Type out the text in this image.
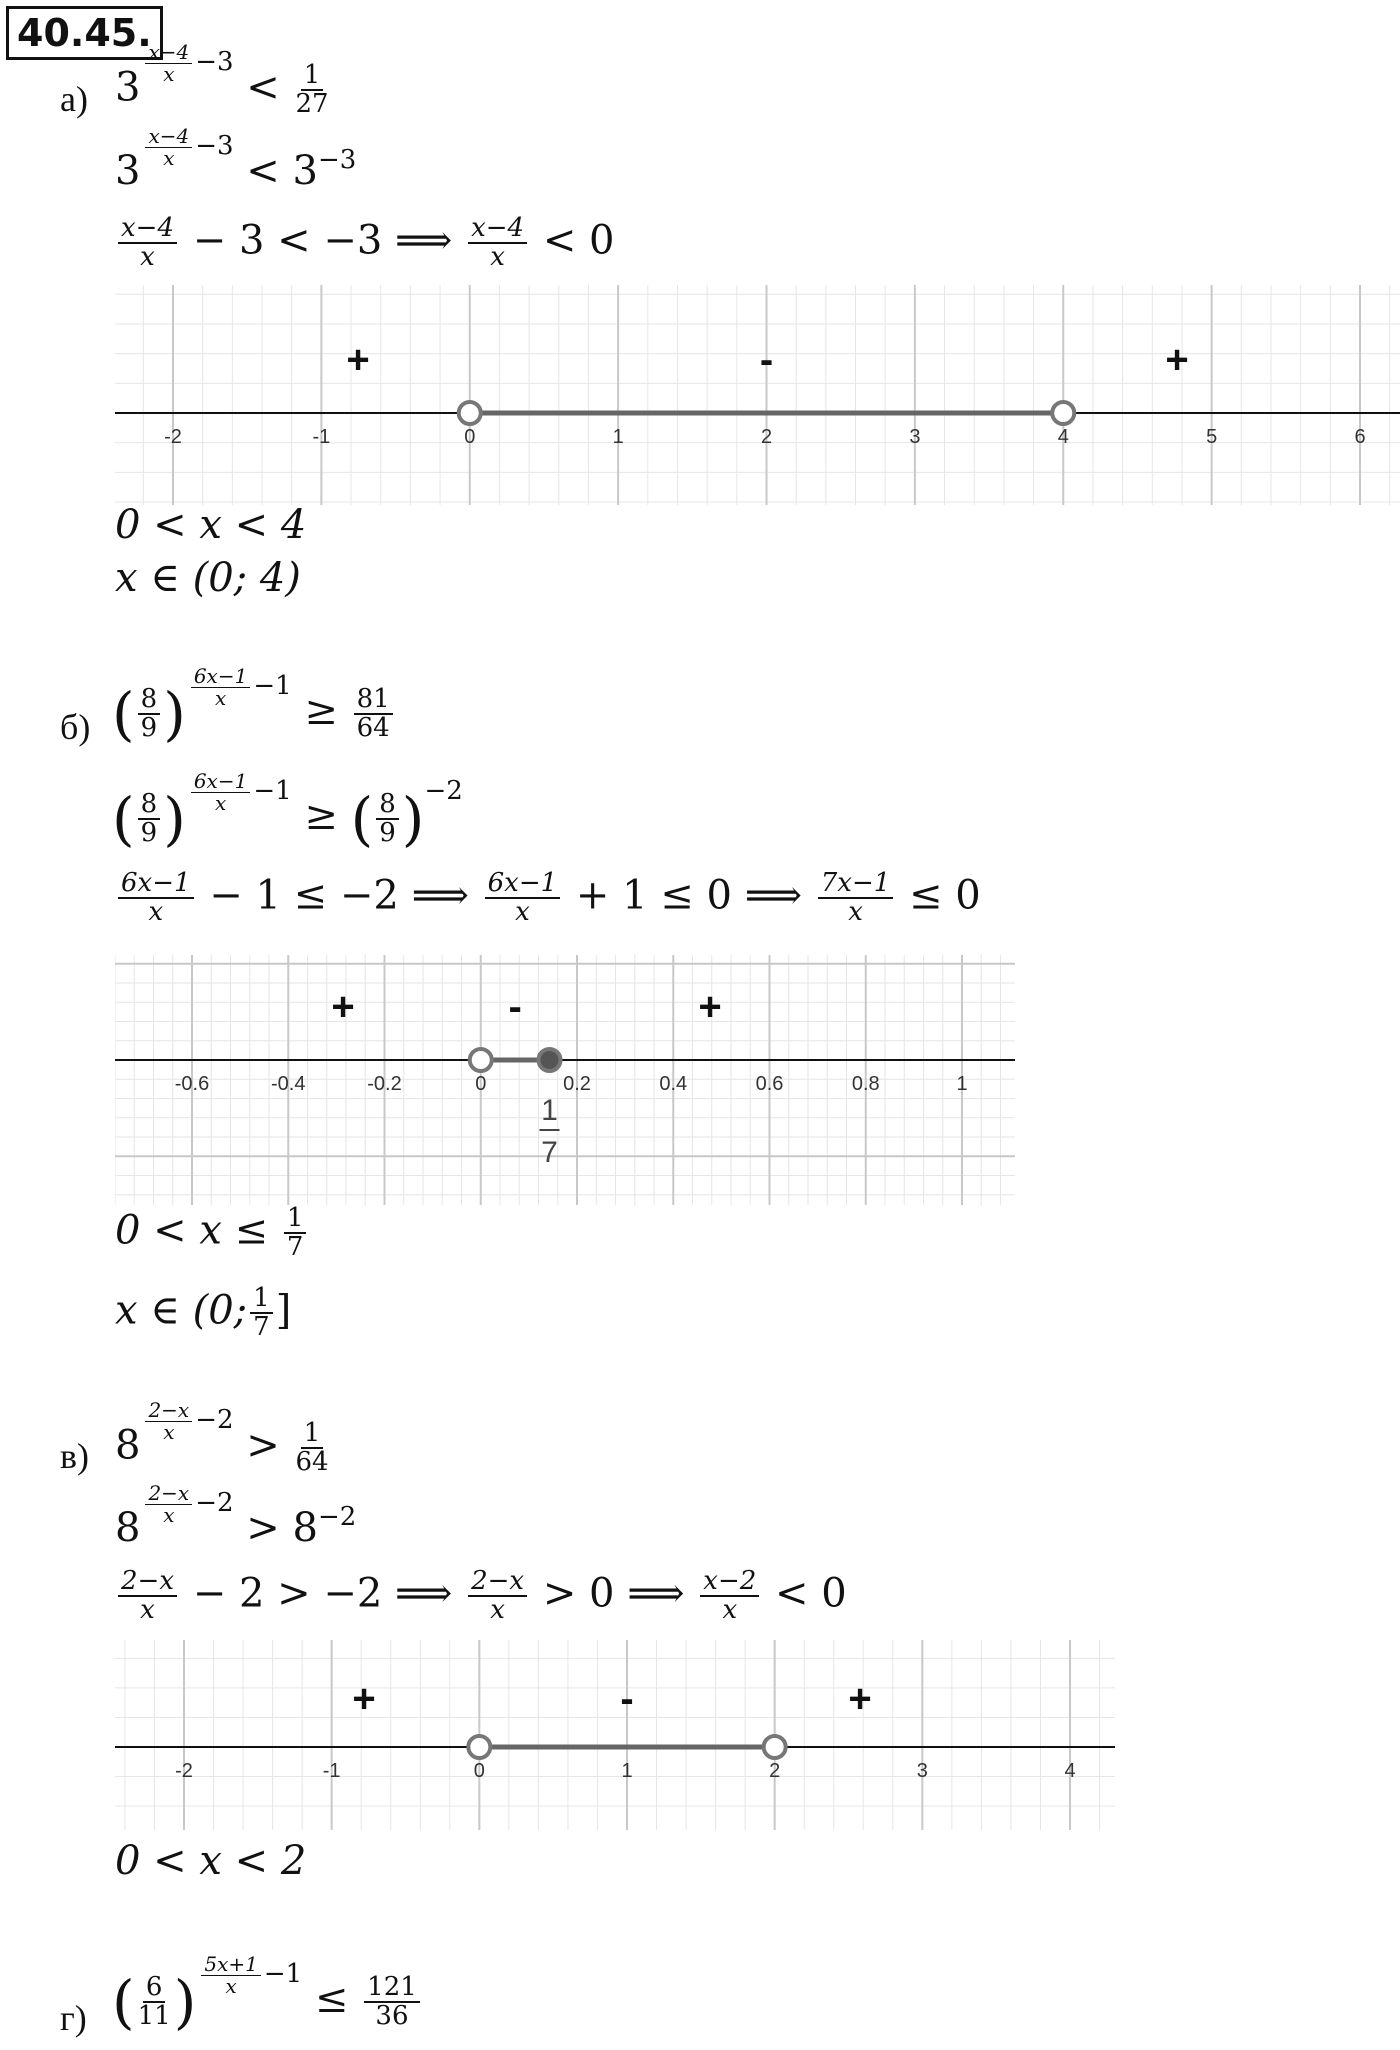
40.45.
а) 3
$^{\frac{x-4}{x} -3} < \frac{1}{27}$
3
$^{\frac{x-4}{x} -3} < 3^{-3}$
$\frac{x-4}{x} - 3 < -3$ ⟹ $\frac{x-4}{x} < 0$
-2	-1	0	1	2	3	4	5	6
+	-	+
0 < x < 4
x ∈ (0; 4)
б) ( $\frac{8}{9}$ ) $^{\frac{6x-1}{x} -1} \ge \frac{81}{64}$
( $\frac{8}{9}$ ) $^{\frac{6x-1}{x} -1}$ ≥ ( $\frac{8}{9} )^{-2}$
$\frac{6x-1}{x} - 1 \le -2$ ⟹ $\frac{6x-1}{x} + 1 \le 0$ ⟹ $\frac{7x-1}{x} \le 0$
-0.6	-0.4	-0.2	0	0.2	0.4	0.6	0.8	1
+	-	+
1
7
$0 < x \le \frac{1}{7}$
x ∈ (0; $\frac{1}{7}$ ]
в) 8
$^{\frac{2-x}{x} -2} > \frac{1}{64}$
8
$^{\frac{2-x}{x} -2} > 8^{-2}$
$\frac{2-x}{x} - 2 > -2$ ⟹ $\frac{2-x}{x} > 0$ ⟹ $\frac{x-2}{x} < 0$
-2	-1	0	1	2	3	4
+	-	+
0 < x < 2
г) ( $\frac{6}{11}$ ) $^{\frac{5x+1}{x} -1} \le \frac{121}{36}$
